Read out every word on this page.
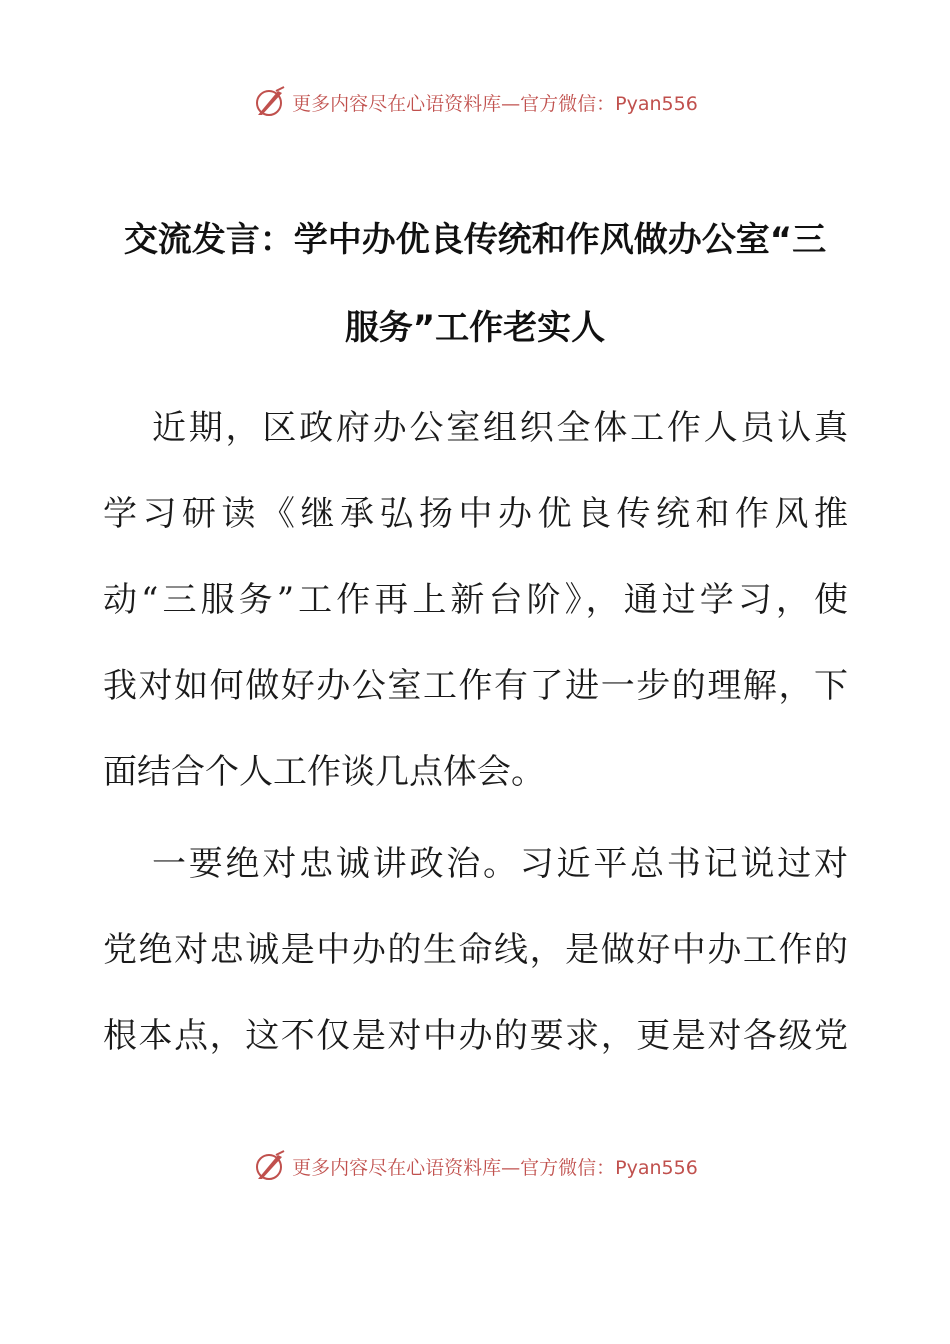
更多内容尽在心语资料库—官方微信：Pyan556
交流发言：学中办优良传统和作风做办公室“三
服务”工作老实人
近期，区政府办公室组织全体工作人员认真
学习研读《继承弘扬中办优良传统和作风推
动“三服务”工作再上新台阶》，通过学习，使
我对如何做好办公室工作有了进一步的理解，下
面结合个人工作谈几点体会。
一要绝对忠诚讲政治。习近平总书记说过对
党绝对忠诚是中办的生命线，是做好中办工作的
根本点，这不仅是对中办的要求，更是对各级党
更多内容尽在心语资料库—官方微信：Pyan556
